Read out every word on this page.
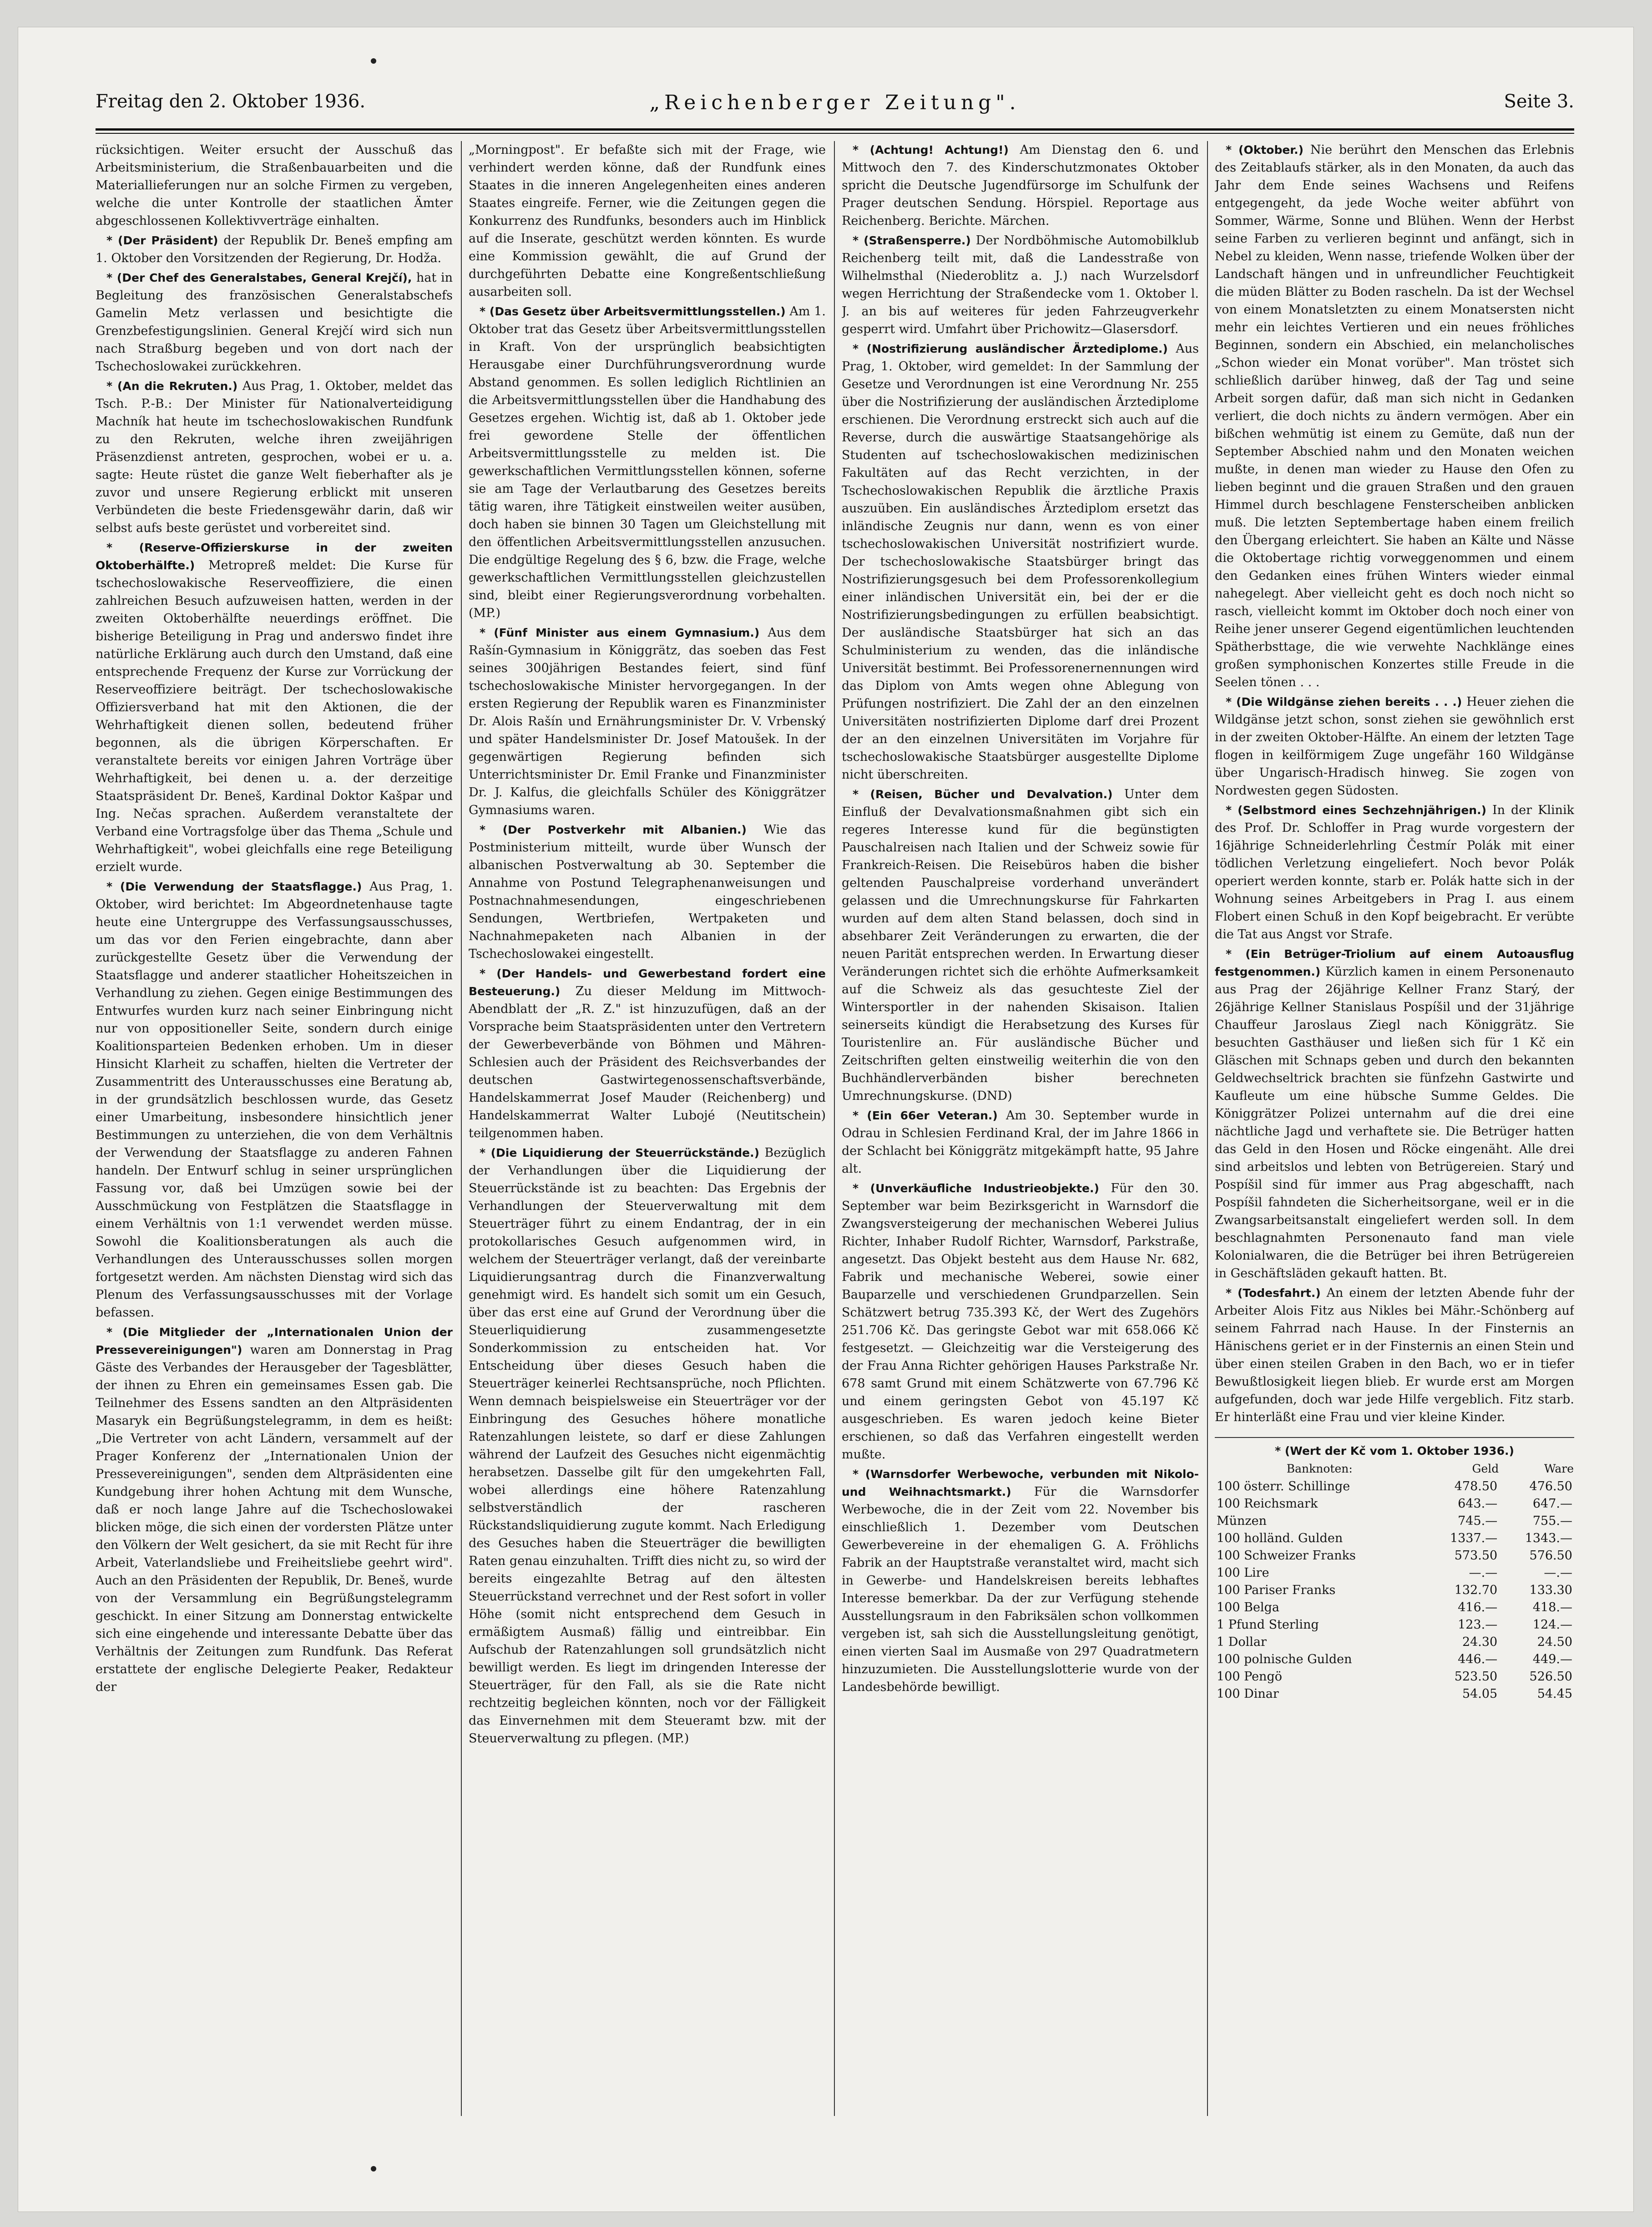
Freitag den 2. Oktober 1936.	„Reichenberger Zeitung".	Seite 3.

rücksichtigen. Weiter ersucht der Ausschuß das Arbeitsministerium, die Straßenbauarbeiten und die Materiallieferungen nur an solche Firmen zu vergeben, welche die unter Kontrolle der staatlichen Ämter abgeschlossenen Kollektivverträge einhalten.

* (Der Präsident) der Republik Dr. Beneš empfing am 1. Oktober den Vorsitzenden der Regierung, Dr. Hodža.

* (Der Chef des Generalstabes, General Krejčí), hat in Begleitung des französischen Generalstabschefs Gamelin Metz verlassen und besichtigte die Grenzbefestigungslinien. General Krejčí wird sich nun nach Straßburg begeben und von dort nach der Tschechoslowakei zurückkehren.

* (An die Rekruten.) Aus Prag, 1. Oktober, meldet das Tsch. P.-B.: Der Minister für Nationalverteidigung Machník hat heute im tschechoslowakischen Rundfunk zu den Rekruten, welche ihren zweijährigen Präsenzdienst antreten, gesprochen, wobei er u. a. sagte: Heute rüstet die ganze Welt fieberhafter als je zuvor und unsere Regierung erblickt mit unseren Verbündeten die beste Friedensgewähr darin, daß wir selbst aufs beste gerüstet und vorbereitet sind.

* (Reserve-Offizierskurse in der zweiten Oktoberhälfte.) Metropreß meldet: Die Kurse für tschechoslowakische Reserveoffiziere, die einen zahlreichen Besuch aufzuweisen hatten, werden in der zweiten Oktoberhälfte neuerdings eröffnet. Die bisherige Beteiligung in Prag und anderswo findet ihre natürliche Erklärung auch durch den Umstand, daß eine entsprechende Frequenz der Kurse zur Vorrückung der Reserveoffiziere beiträgt. Der tschechoslowakische Offiziersverband hat mit den Aktionen, die der Wehrhaftigkeit dienen sollen, bedeutend früher begonnen, als die übrigen Körperschaften. Er veranstaltete bereits vor einigen Jahren Vorträge über Wehrhaftigkeit, bei denen u. a. der derzeitige Staatspräsident Dr. Beneš, Kardinal Doktor Kašpar und Ing. Nečas sprachen. Außerdem veranstaltete der Verband eine Vortragsfolge über das Thema „Schule und Wehrhaftigkeit", wobei gleichfalls eine rege Beteiligung erzielt wurde.

* (Die Verwendung der Staatsflagge.) Aus Prag, 1. Oktober, wird berichtet: Im Abgeordnetenhause tagte heute eine Untergruppe des Verfassungsausschusses, um das vor den Ferien eingebrachte, dann aber zurückgestellte Gesetz über die Verwendung der Staatsflagge und anderer staatlicher Hoheitszeichen in Verhandlung zu ziehen. Gegen einige Bestimmungen des Entwurfes wurden kurz nach seiner Einbringung nicht nur von oppositioneller Seite, sondern durch einige Koalitionsparteien Bedenken erhoben. Um in dieser Hinsicht Klarheit zu schaffen, hielten die Vertreter der Zusammentritt des Unterausschusses eine Beratung ab, in der grundsätzlich beschlossen wurde, das Gesetz einer Umarbeitung, insbesondere hinsichtlich jener Bestimmungen zu unterziehen, die von dem Verhältnis der Verwendung der Staatsflagge zu anderen Fahnen handeln. Der Entwurf schlug in seiner ursprünglichen Fassung vor, daß bei Umzügen sowie bei der Ausschmückung von Festplätzen die Staatsflagge in einem Verhältnis von 1:1 verwendet werden müsse. Sowohl die Koalitionsberatungen als auch die Verhandlungen des Unterausschusses sollen morgen fortgesetzt werden. Am nächsten Dienstag wird sich das Plenum des Verfassungsausschusses mit der Vorlage befassen.

* (Die Mitglieder der „Internationalen Union der Pressevereinigungen") waren am Donnerstag in Prag Gäste des Verbandes der Herausgeber der Tagesblätter, der ihnen zu Ehren ein gemeinsames Essen gab. Die Teilnehmer des Essens sandten an den Altpräsidenten Masaryk ein Begrüßungstelegramm, in dem es heißt: „Die Vertreter von acht Ländern, versammelt auf der Prager Konferenz der „Internationalen Union der Pressevereinigungen", senden dem Altpräsidenten eine Kundgebung ihrer hohen Achtung mit dem Wunsche, daß er noch lange Jahre auf die Tschechoslowakei blicken möge, die sich einen der vordersten Plätze unter den Völkern der Welt gesichert, da sie mit Recht für ihre Arbeit, Vaterlandsliebe und Freiheitsliebe geehrt wird". Auch an den Präsidenten der Republik, Dr. Beneš, wurde von der Versammlung ein Begrüßungstelegramm geschickt. In einer Sitzung am Donnerstag entwickelte sich eine eingehende und interessante Debatte über das Verhältnis der Zeitungen zum Rundfunk. Das Referat erstattete der englische Delegierte Peaker, Redakteur der

„Morningpost". Er befaßte sich mit der Frage, wie verhindert werden könne, daß der Rundfunk eines Staates in die inneren Angelegenheiten eines anderen Staates eingreife. Ferner, wie die Zeitungen gegen die Konkurrenz des Rundfunks, besonders auch im Hinblick auf die Inserate, geschützt werden könnten. Es wurde eine Kommission gewählt, die auf Grund der durchgeführten Debatte eine Kongreßentschließung ausarbeiten soll.

* (Das Gesetz über Arbeitsvermittlungsstellen.) Am 1. Oktober trat das Gesetz über Arbeitsvermittlungsstellen in Kraft. Von der ursprünglich beabsichtigten Herausgabe einer Durchführungsverordnung wurde Abstand genommen. Es sollen lediglich Richtlinien an die Arbeitsvermittlungsstellen über die Handhabung des Gesetzes ergehen. Wichtig ist, daß ab 1. Oktober jede frei gewordene Stelle der öffentlichen Arbeitsvermittlungsstelle zu melden ist. Die gewerkschaftlichen Vermittlungsstellen können, soferne sie am Tage der Verlautbarung des Gesetzes bereits tätig waren, ihre Tätigkeit einstweilen weiter ausüben, doch haben sie binnen 30 Tagen um Gleichstellung mit den öffentlichen Arbeitsvermittlungsstellen anzusuchen. Die endgültige Regelung des § 6, bzw. die Frage, welche gewerkschaftlichen Vermittlungsstellen gleichzustellen sind, bleibt einer Regierungsverordnung vorbehalten. (MP.)

* (Fünf Minister aus einem Gymnasium.) Aus dem Rašín-Gymnasium in Königgrätz, das soeben das Fest seines 300jährigen Bestandes feiert, sind fünf tschechoslowakische Minister hervorgegangen. In der ersten Regierung der Republik waren es Finanzminister Dr. Alois Rašín und Ernährungsminister Dr. V. Vrbenský und später Handelsminister Dr. Josef Matoušek. In der gegenwärtigen Regierung befinden sich Unterrichtsminister Dr. Emil Franke und Finanzminister Dr. J. Kalfus, die gleichfalls Schüler des Königgrätzer Gymnasiums waren.

* (Der Postverkehr mit Albanien.) Wie das Postministerium mitteilt, wurde über Wunsch der albanischen Postverwaltung ab 30. September die Annahme von Postund Telegraphenanweisungen und Postnachnahmesendungen, eingeschriebenen Sendungen, Wertbriefen, Wertpaketen und Nachnahmepaketen nach Albanien in der Tschechoslowakei eingestellt.

* (Der Handels- und Gewerbestand fordert eine Besteuerung.) Zu dieser Meldung im Mittwoch-Abendblatt der „R. Z." ist hinzuzufügen, daß an der Vorsprache beim Staatspräsidenten unter den Vertretern der Gewerbeverbände von Böhmen und Mähren-Schlesien auch der Präsident des Reichsverbandes der deutschen Gastwirtegenossenschaftsverbände, Handelskammerrat Josef Mauder (Reichenberg) und Handelskammerrat Walter Lubojé (Neutitschein) teilgenommen haben.

* (Die Liquidierung der Steuerrückstände.) Bezüglich der Verhandlungen über die Liquidierung der Steuerrückstände ist zu beachten: Das Ergebnis der Verhandlungen der Steuerverwaltung mit dem Steuerträger führt zu einem Endantrag, der in ein protokollarisches Gesuch aufgenommen wird, in welchem der Steuerträger verlangt, daß der vereinbarte Liquidierungsantrag durch die Finanzverwaltung genehmigt wird. Es handelt sich somit um ein Gesuch, über das erst eine auf Grund der Verordnung über die Steuerliquidierung zusammengesetzte Sonderkommission zu entscheiden hat. Vor Entscheidung über dieses Gesuch haben die Steuerträger keinerlei Rechtsansprüche, noch Pflichten. Wenn demnach beispielsweise ein Steuerträger vor der Einbringung des Gesuches höhere monatliche Ratenzahlungen leistete, so darf er diese Zahlungen während der Laufzeit des Gesuches nicht eigenmächtig herabsetzen. Dasselbe gilt für den umgekehrten Fall, wobei allerdings eine höhere Ratenzahlung selbstverständlich der rascheren Rückstandsliquidierung zugute kommt. Nach Erledigung des Gesuches haben die Steuerträger die bewilligten Raten genau einzuhalten. Trifft dies nicht zu, so wird der bereits eingezahlte Betrag auf den ältesten Steuerrückstand verrechnet und der Rest sofort in voller Höhe (somit nicht entsprechend dem Gesuch in ermäßigtem Ausmaß) fällig und eintreibbar. Ein Aufschub der Ratenzahlungen soll grundsätzlich nicht bewilligt werden. Es liegt im dringenden Interesse der Steuerträger, für den Fall, als sie die Rate nicht rechtzeitig begleichen könnten, noch vor der Fälligkeit das Einvernehmen mit dem Steueramt bzw. mit der Steuerverwaltung zu pflegen. (MP.)

* (Achtung! Achtung!) Am Dienstag den 6. und Mittwoch den 7. des Kinderschutzmonates Oktober spricht die Deutsche Jugendfürsorge im Schulfunk der Prager deutschen Sendung. Hörspiel. Reportage aus Reichenberg. Berichte. Märchen.

* (Straßensperre.) Der Nordböhmische Automobilklub Reichenberg teilt mit, daß die Landesstraße von Wilhelmsthal (Niederoblitz a. J.) nach Wurzelsdorf wegen Herrichtung der Straßendecke vom 1. Oktober l. J. an bis auf weiteres für jeden Fahrzeugverkehr gesperrt wird. Umfahrt über Prichowitz—Glasersdorf.

* (Nostrifizierung ausländischer Ärztediplome.) Aus Prag, 1. Oktober, wird gemeldet: In der Sammlung der Gesetze und Verordnungen ist eine Verordnung Nr. 255 über die Nostrifizierung der ausländischen Ärztediplome erschienen. Die Verordnung erstreckt sich auch auf die Reverse, durch die auswärtige Staatsangehörige als Studenten auf tschechoslowakischen medizinischen Fakultäten auf das Recht verzichten, in der Tschechoslowakischen Republik die ärztliche Praxis auszuüben. Ein ausländisches Ärztediplom ersetzt das inländische Zeugnis nur dann, wenn es von einer tschechoslowakischen Universität nostrifiziert wurde. Der tschechoslowakische Staatsbürger bringt das Nostrifizierungsgesuch bei dem Professorenkollegium einer inländischen Universität ein, bei der er die Nostrifizierungsbedingungen zu erfüllen beabsichtigt. Der ausländische Staatsbürger hat sich an das Schulministerium zu wenden, das die inländische Universität bestimmt. Bei Professorenernennungen wird das Diplom von Amts wegen ohne Ablegung von Prüfungen nostrifiziert. Die Zahl der an den einzelnen Universitäten nostrifizierten Diplome darf drei Prozent der an den einzelnen Universitäten im Vorjahre für tschechoslowakische Staatsbürger ausgestellte Diplome nicht überschreiten.

* (Reisen, Bücher und Devalvation.) Unter dem Einfluß der Devalvationsmaßnahmen gibt sich ein regeres Interesse kund für die begünstigten Pauschalreisen nach Italien und der Schweiz sowie für Frankreich-Reisen. Die Reisebüros haben die bisher geltenden Pauschalpreise vorderhand unverändert gelassen und die Umrechnungskurse für Fahrkarten wurden auf dem alten Stand belassen, doch sind in absehbarer Zeit Veränderungen zu erwarten, die der neuen Parität entsprechen werden. In Erwartung dieser Veränderungen richtet sich die erhöhte Aufmerksamkeit auf die Schweiz als das gesuchteste Ziel der Wintersportler in der nahenden Skisaison. Italien seinerseits kündigt die Herabsetzung des Kurses für Touristenlire an. Für ausländische Bücher und Zeitschriften gelten einstweilig weiterhin die von den Buchhändlerverbänden bisher berechneten Umrechnungskurse. (DND)

* (Ein 66er Veteran.) Am 30. September wurde in Odrau in Schlesien Ferdinand Kral, der im Jahre 1866 in der Schlacht bei Königgrätz mitgekämpft hatte, 95 Jahre alt.

* (Unverkäufliche Industrieobjekte.) Für den 30. September war beim Bezirksgericht in Warnsdorf die Zwangsversteigerung der mechanischen Weberei Julius Richter, Inhaber Rudolf Richter, Warnsdorf, Parkstraße, angesetzt. Das Objekt besteht aus dem Hause Nr. 682, Fabrik und mechanische Weberei, sowie einer Bauparzelle und verschiedenen Grundparzellen. Sein Schätzwert betrug 735.393 Kč, der Wert des Zugehörs 251.706 Kč. Das geringste Gebot war mit 658.066 Kč festgesetzt. — Gleichzeitig war die Versteigerung des der Frau Anna Richter gehörigen Hauses Parkstraße Nr. 678 samt Grund mit einem Schätzwerte von 67.796 Kč und einem geringsten Gebot von 45.197 Kč ausgeschrieben. Es waren jedoch keine Bieter erschienen, so daß das Verfahren eingestellt werden mußte.

* (Warnsdorfer Werbewoche, verbunden mit Nikolo- und Weihnachtsmarkt.) Für die Warnsdorfer Werbewoche, die in der Zeit vom 22. November bis einschließlich 1. Dezember vom Deutschen Gewerbevereine in der ehemaligen G. A. Fröhlichs Fabrik an der Hauptstraße veranstaltet wird, macht sich in Gewerbe- und Handelskreisen bereits lebhaftes Interesse bemerkbar. Da der zur Verfügung stehende Ausstellungsraum in den Fabriksälen schon vollkommen vergeben ist, sah sich die Ausstellungsleitung genötigt, einen vierten Saal im Ausmaße von 297 Quadratmetern hinzuzumieten. Die Ausstellungslotterie wurde von der Landesbehörde bewilligt.

* (Oktober.) Nie berührt den Menschen das Erlebnis des Zeitablaufs stärker, als in den Monaten, da auch das Jahr dem Ende seines Wachsens und Reifens entgegengeht, da jede Woche weiter abführt von Sommer, Wärme, Sonne und Blühen. Wenn der Herbst seine Farben zu verlieren beginnt und anfängt, sich in Nebel zu kleiden, Wenn nasse, triefende Wolken über der Landschaft hängen und in unfreundlicher Feuchtigkeit die müden Blätter zu Boden rascheln. Da ist der Wechsel von einem Monatsletzten zu einem Monatsersten nicht mehr ein leichtes Vertieren und ein neues fröhliches Beginnen, sondern ein Abschied, ein melancholisches „Schon wieder ein Monat vorüber". Man tröstet sich schließlich darüber hinweg, daß der Tag und seine Arbeit sorgen dafür, daß man sich nicht in Gedanken verliert, die doch nichts zu ändern vermögen. Aber ein bißchen wehmütig ist einem zu Gemüte, daß nun der September Abschied nahm und den Monaten weichen mußte, in denen man wieder zu Hause den Ofen zu lieben beginnt und die grauen Straßen und den grauen Himmel durch beschlagene Fensterscheiben anblicken muß. Die letzten Septembertage haben einem freilich den Übergang erleichtert. Sie haben an Kälte und Nässe die Oktobertage richtig vorweggenommen und einem den Gedanken eines frühen Winters wieder einmal nahegelegt. Aber vielleicht geht es doch noch nicht so rasch, vielleicht kommt im Oktober doch noch einer von Reihe jener unserer Gegend eigentümlichen leuchtenden Spätherbsttage, die wie verwehte Nachklänge eines großen symphonischen Konzertes stille Freude in die Seelen tönen . . .

* (Die Wildgänse ziehen bereits . . .) Heuer ziehen die Wildgänse jetzt schon, sonst ziehen sie gewöhnlich erst in der zweiten Oktober-Hälfte. An einem der letzten Tage flogen in keilförmigem Zuge ungefähr 160 Wildgänse über Ungarisch-Hradisch hinweg. Sie zogen von Nordwesten gegen Südosten.

* (Selbstmord eines Sechzehnjährigen.) In der Klinik des Prof. Dr. Schloffer in Prag wurde vorgestern der 16jährige Schneiderlehrling Čestmír Polák mit einer tödlichen Verletzung eingeliefert. Noch bevor Polák operiert werden konnte, starb er. Polák hatte sich in der Wohnung seines Arbeitgebers in Prag I. aus einem Flobert einen Schuß in den Kopf beigebracht. Er verübte die Tat aus Angst vor Strafe.

* (Ein Betrüger-Triolium auf einem Autoausflug festgenommen.) Kürzlich kamen in einem Personenauto aus Prag der 26jährige Kellner Franz Starý, der 26jährige Kellner Stanislaus Pospíšil und der 31jährige Chauffeur Jaroslaus Ziegl nach Königgrätz. Sie besuchten Gasthäuser und ließen sich für 1 Kč ein Gläschen mit Schnaps geben und durch den bekannten Geldwechseltrick brachten sie fünfzehn Gastwirte und Kaufleute um eine hübsche Summe Geldes. Die Königgrätzer Polizei unternahm auf die drei eine nächtliche Jagd und verhaftete sie. Die Betrüger hatten das Geld in den Hosen und Röcke eingenäht. Alle drei sind arbeitslos und lebten von Betrügereien. Starý und Pospíšil sind für immer aus Prag abgeschafft, nach Pospíšil fahndeten die Sicherheitsorgane, weil er in die Zwangsarbeitsanstalt eingeliefert werden soll. In dem beschlagnahmten Personenauto fand man viele Kolonialwaren, die die Betrüger bei ihren Betrügereien in Geschäftsläden gekauft hatten. Bt.

* (Todesfahrt.) An einem der letzten Abende fuhr der Arbeiter Alois Fitz aus Nikles bei Mähr.-Schönberg auf seinem Fahrrad nach Hause. In der Finsternis an Hänischens geriet er in der Finsternis an einen Stein und über einen steilen Graben in den Bach, wo er in tiefer Bewußtlosigkeit liegen blieb. Er wurde erst am Morgen aufgefunden, doch war jede Hilfe vergeblich. Fitz starb. Er hinterläßt eine Frau und vier kleine Kinder.

* (Wert der Kč vom 1. Oktober 1936.)
Banknoten:	Geld	Ware
100 österr. Schillinge	478.50	476.50
100 Reichsmark	643.—	647.—
Münzen	745.—	755.—
100 holländ. Gulden	1337.—	1343.—
100 Schweizer Franks	573.50	576.50
100 Lire	—.—	—.—
100 Pariser Franks	132.70	133.30
100 Belga	416.—	418.—
1 Pfund Sterling	123.—	124.—
1 Dollar	24.30	24.50
100 polnische Gulden	446.—	449.—
100 Pengö	523.50	526.50
100 Dinar	54.05	54.45
